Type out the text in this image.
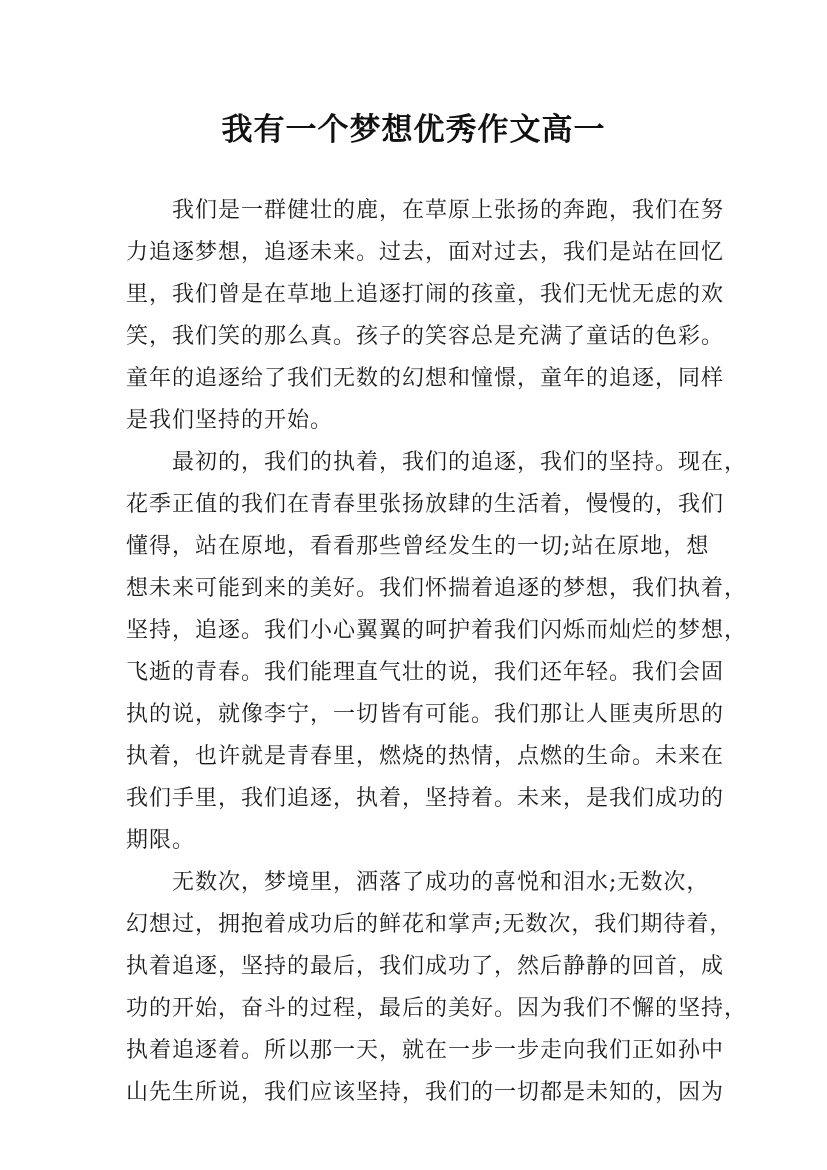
我有一个梦想优秀作文高一
　　我们是一群健壮的鹿，在草原上张扬的奔跑，我们在努
力追逐梦想，追逐未来。过去，面对过去，我们是站在回忆
里，我们曾是在草地上追逐打闹的孩童，我们无忧无虑的欢
笑，我们笑的那么真。孩子的笑容总是充满了童话的色彩。
童年的追逐给了我们无数的幻想和憧憬，童年的追逐，同样
是我们坚持的开始。
　　最初的，我们的执着，我们的追逐，我们的坚持。现在，
花季正值的我们在青春里张扬放肆的生活着，慢慢的，我们
懂得，站在原地，看看那些曾经发生的一切;站在原地，想
想未来可能到来的美好。我们怀揣着追逐的梦想，我们执着，
坚持，追逐。我们小心翼翼的呵护着我们闪烁而灿烂的梦想，
飞逝的青春。我们能理直气壮的说，我们还年轻。我们会固
执的说，就像李宁，一切皆有可能。我们那让人匪夷所思的
执着，也许就是青春里，燃烧的热情，点燃的生命。未来在
我们手里，我们追逐，执着，坚持着。未来，是我们成功的
期限。
　　无数次，梦境里，洒落了成功的喜悦和泪水;无数次，
幻想过，拥抱着成功后的鲜花和掌声;无数次，我们期待着，
执着追逐，坚持的最后，我们成功了，然后静静的回首，成
功的开始，奋斗的过程，最后的美好。因为我们不懈的坚持，
执着追逐着。所以那一天，就在一步一步走向我们正如孙中
山先生所说，我们应该坚持，我们的一切都是未知的，因为
